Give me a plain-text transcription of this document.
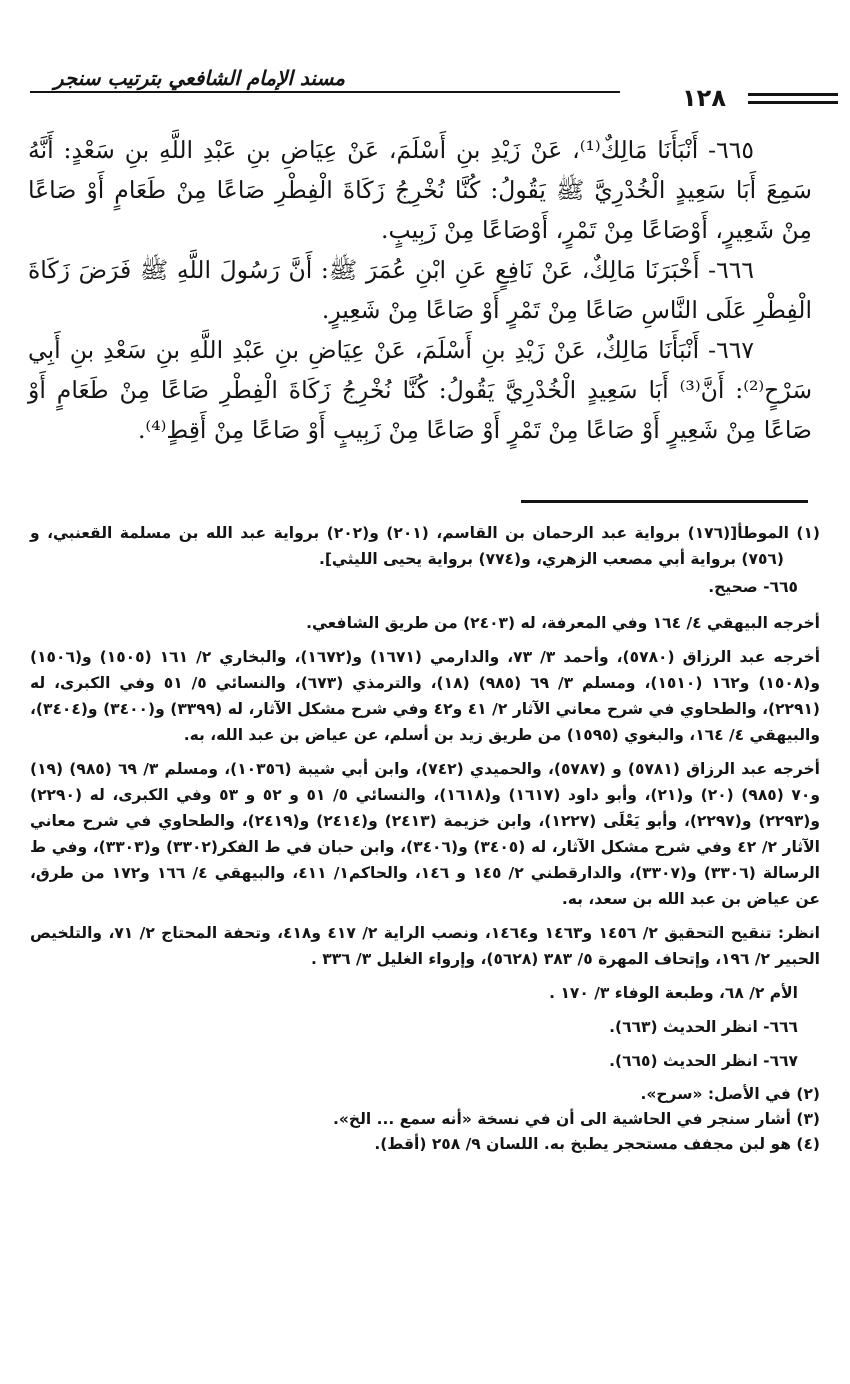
مسند الإمام الشافعي بترتيب سنجر
١٢٨

٦٦٥- أَنْبَأَنَا مَالِكٌ⁽¹⁾، عَنْ زَيْدِ بنِ أَسْلَمَ، عَنْ عِيَاضِ بنِ عَبْدِ اللَّهِ بنِ سَعْدٍ: أَنَّهُ سَمِعَ أَبَا سَعِيدٍ الْخُدْرِيَّ ﷺ يَقُولُ: كُنَّا نُخْرِجُ زَكَاةَ الْفِطْرِ صَاعًا مِنْ طَعَامٍ أَوْ صَاعًا مِنْ شَعِيرٍ، أَوْصَاعًا مِنْ تَمْرٍ، أَوْصَاعًا مِنْ زَبِيبٍ.

٦٦٦- أَخْبَرَنَا مَالِكٌ، عَنْ نَافِعٍ عَنِ ابْنِ عُمَرَ ﷺ: أَنَّ رَسُولَ اللَّهِ ﷺ فَرَضَ زَكَاةَ الْفِطْرِ عَلَى النَّاسِ صَاعًا مِنْ تَمْرٍ أَوْ صَاعًا مِنْ شَعِيرٍ.

٦٦٧- أَنْبَأَنَا مَالِكٌ، عَنْ زَيْدِ بنِ أَسْلَمَ، عَنْ عِيَاضِ بنِ عَبْدِ اللَّهِ بنِ سَعْدِ بنِ أَبِي سَرْحٍ⁽²⁾: أَنَّ⁽³⁾ أَبَا سَعِيدٍ الْخُدْرِيَّ يَقُولُ: كُنَّا نُخْرِجُ زَكَاةَ الْفِطْرِ صَاعًا مِنْ طَعَامٍ أَوْ صَاعًا مِنْ شَعِيرٍ أَوْ صَاعًا مِنْ تَمْرٍ أَوْ صَاعًا مِنْ زَبِيبٍ أَوْ صَاعًا مِنْ أَقِطٍ⁽⁴⁾.

(١) الموطأ[(١٧٦) برواية عبد الرحمان بن القاسم، (٢٠١) و(٢٠٢) برواية عبد الله بن مسلمة القعنبي، و (٧٥٦) برواية أبي مصعب الزهري، و(٧٧٤) برواية يحيى الليثي].

٦٦٥- صحيح.

أخرجه البيهقي ٤/ ١٦٤ وفي المعرفة، له (٢٤٠٣) من طريق الشافعي.

أخرجه عبد الرزاق (٥٧٨٠)، وأحمد ٣/ ٧٣، والدارمي (١٦٧١) و(١٦٧٢)، والبخاري ٢/ ١٦١ (١٥٠٥) و(١٥٠٦) و(١٥٠٨) و١٦٢ (١٥١٠)، ومسلم ٣/ ٦٩ (٩٨٥) (١٨)، والترمذي (٦٧٣)، والنسائي ٥/ ٥١ وفي الكبرى، له (٢٢٩١)، والطحاوي في شرح معاني الآثار ٢/ ٤١ و٤٢ وفي شرح مشكل الآثار، له (٣٣٩٩) و(٣٤٠٠) و(٣٤٠٤)، والبيهقي ٤/ ١٦٤، والبغوي (١٥٩٥) من طريق زيد بن أسلم، عن عياض بن عبد الله، به.

أخرجه عبد الرزاق (٥٧٨١) و (٥٧٨٧)، والحميدي (٧٤٢)، وابن أبي شيبة (١٠٣٥٦)، ومسلم ٣/ ٦٩ (٩٨٥) (١٩) و٧٠ (٩٨٥) (٢٠) و(٢١)، وأبو داود (١٦١٧) و(١٦١٨)، والنسائي ٥/ ٥١ و ٥٢ و ٥٣ وفي الكبرى، له (٢٢٩٠) و(٢٢٩٣) و(٢٢٩٧)، وأبو يَعْلَى (١٢٢٧)، وابن خزيمة (٢٤١٣) و(٢٤١٤) و(٢٤١٩)، والطحاوي في شرح معاني الآثار ٢/ ٤٢ وفي شرح مشكل الآثار، له (٣٤٠٥) و(٣٤٠٦)، وابن حبان في ط الفكر(٣٣٠٢) و(٣٣٠٣)، وفي ط الرسالة (٣٣٠٦) و(٣٣٠٧)، والدارقطني ٢/ ١٤٥ و ١٤٦، والحاكم١/ ٤١١، والبيهقي ٤/ ١٦٦ و١٧٢ من طرق، عن عياض بن عبد الله بن سعد، به.

انظر: تنقيح التحقيق ٢/ ١٤٥٦ و١٤٦٣ و١٤٦٤، ونصب الراية ٢/ ٤١٧ و٤١٨، وتحفة المحتاج ٢/ ٧١، والتلخيص الحبير ٢/ ١٩٦، وإتحاف المهرة ٥/ ٣٨٣ (٥٦٢٨)، وإرواء الغليل ٣/ ٣٣٦ .

الأم ٢/ ٦٨، وطبعة الوفاء ٣/ ١٧٠ .

٦٦٦- انظر الحديث (٦٦٣).

٦٦٧- انظر الحديث (٦٦٥).

(٢) في الأصل: «سرح».

(٣) أشار سنجر في الحاشية الى أن في نسخة «أنه سمع ... الخ».

(٤) هو لبن مجفف مستحجر يطبخ به. اللسان ٩/ ٢٥٨ (أقط).
